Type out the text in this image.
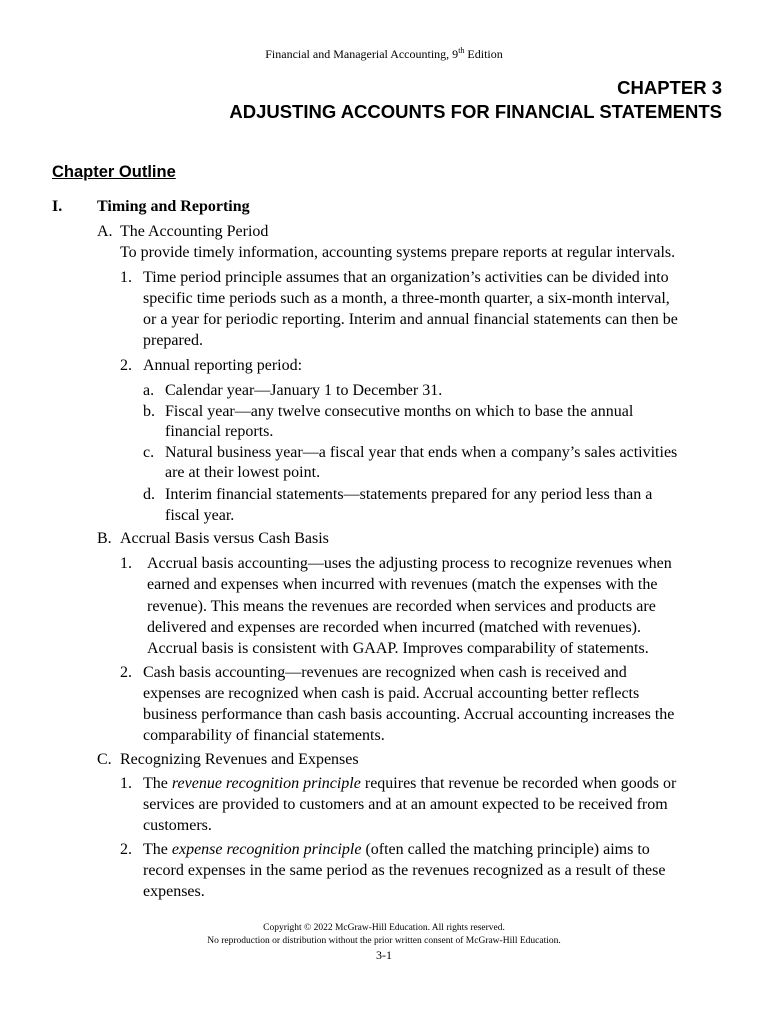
Financial and Managerial Accounting, 9th Edition
CHAPTER 3
ADJUSTING ACCOUNTS FOR FINANCIAL STATEMENTS
Chapter Outline
I. Timing and Reporting
A. The Accounting Period
To provide timely information, accounting systems prepare reports at regular intervals.
1. Time period principle assumes that an organization’s activities can be divided into
specific time periods such as a month, a three-month quarter, a six-month interval,
or a year for periodic reporting. Interim and annual financial statements can then be
prepared.
2. Annual reporting period:
a. Calendar year—January 1 to December 31.
b. Fiscal year—any twelve consecutive months on which to base the annual
financial reports.
c. Natural business year—a fiscal year that ends when a company’s sales activities
are at their lowest point.
d. Interim financial statements—statements prepared for any period less than a
fiscal year.
B. Accrual Basis versus Cash Basis
1. Accrual basis accounting—uses the adjusting process to recognize revenues when
earned and expenses when incurred with revenues (match the expenses with the
revenue). This means the revenues are recorded when services and products are
delivered and expenses are recorded when incurred (matched with revenues).
Accrual basis is consistent with GAAP. Improves comparability of statements.
2. Cash basis accounting—revenues are recognized when cash is received and
expenses are recognized when cash is paid. Accrual accounting better reflects
business performance than cash basis accounting. Accrual accounting increases the
comparability of financial statements.
C. Recognizing Revenues and Expenses
1. The revenue recognition principle requires that revenue be recorded when goods or
services are provided to customers and at an amount expected to be received from
customers.
2. The expense recognition principle (often called the matching principle) aims to
record expenses in the same period as the revenues recognized as a result of these
expenses.
Copyright © 2022 McGraw-Hill Education. All rights reserved.
No reproduction or distribution without the prior written consent of McGraw-Hill Education.
3-1
